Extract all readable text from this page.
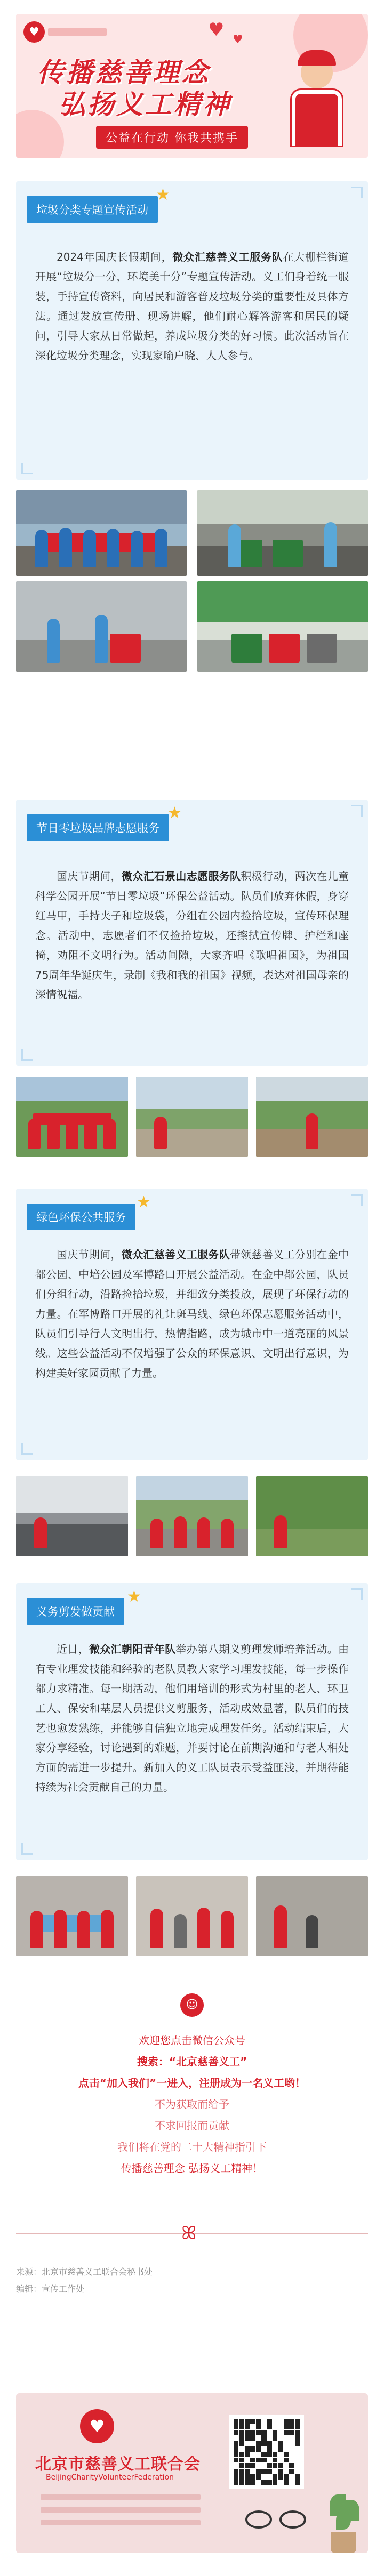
♥	♥ ♥
传播慈善理念
弘扬义工精神
公益在行动 你我共携手
垃圾分类专题宣传活动
★
2024年国庆长假期间，微众汇慈善义工服务队在大栅栏街道开展“垃圾分一分，环境美十分”专题宣传活动。义工们身着统一服装，手持宣传资料，向居民和游客普及垃圾分类的重要性及具体方法。通过发放宣传册、现场讲解，他们耐心解答游客和居民的疑问，引导大家从日常做起，养成垃圾分类的好习惯。此次活动旨在深化垃圾分类理念，实现家喻户晓、人人参与。
节日零垃圾品牌志愿服务
★
国庆节期间，微众汇石景山志愿服务队积极行动，两次在儿童科学公园开展“节日零垃圾”环保公益活动。队员们放弃休假，身穿红马甲，手持夹子和垃圾袋，分组在公园内捡拾垃圾，宣传环保理念。活动中，志愿者们不仅捡拾垃圾，还擦拭宣传牌、护栏和座椅，劝阻不文明行为。活动间隙，大家齐唱《歌唱祖国》，为祖国75周年华诞庆生，录制《我和我的祖国》视频，表达对祖国母亲的深情祝福。
绿色环保公共服务
★
国庆节期间，微众汇慈善义工服务队带领慈善义工分别在金中都公园、中培公园及军博路口开展公益活动。在金中都公园，队员们分组行动，沿路捡拾垃圾，并细致分类投放，展现了环保行动的力量。在军博路口开展的礼让斑马线、绿色环保志愿服务活动中，队员们引导行人文明出行，热情指路，成为城市中一道亮丽的风景线。这些公益活动不仅增强了公众的环保意识、文明出行意识，为构建美好家园贡献了力量。
义务剪发做贡献
★
近日，微众汇朝阳青年队举办第八期义剪理发师培养活动。由有专业理发技能和经验的老队员教大家学习理发技能，每一步操作都力求精准。每一期活动，他们用培训的形式为村里的老人、环卫工人、保安和基层人员提供义剪服务，活动成效显著，队员们的技艺也愈发熟练，并能够自信独立地完成理发任务。活动结束后，大家分享经验，讨论遇到的难题，并要讨论在前期沟通和与老人相处方面的需进一步提升。新加入的义工队员表示受益匪浅，并期待能持续为社会贡献自己的力量。
☺
欢迎您点击微信公众号
搜索：“北京慈善义工”
点击“加入我们”一进入，注册成为一名义工哟！
不为获取而给予
不求回报而贡献
我们将在党的二十大精神指引下
传播慈善理念 弘扬义工精神！
ꕤ
来源：北京市慈善义工联合会秘书处
编辑：宣传工作处
♥
北京市慈善义工联合会
BeijingCharityVolunteerFederation
